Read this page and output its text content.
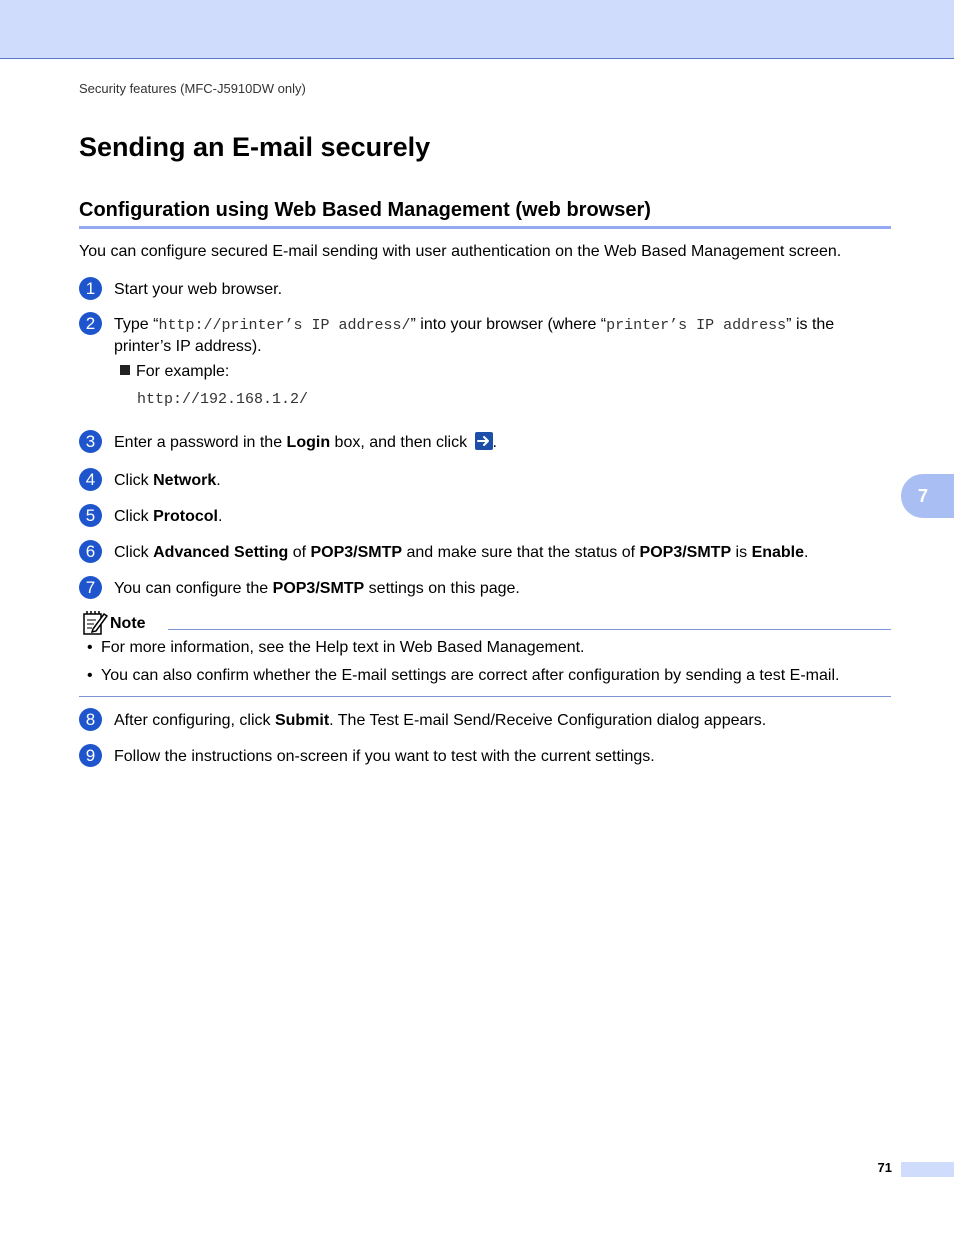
Security features (MFC-J5910DW only)
Sending an E-mail securely
Configuration using Web Based Management (web browser)
You can configure secured E-mail sending with user authentication on the Web Based Management screen.
1	Start your web browser.
2	Type “http://printer’s IP address/” into your browser (where “printer’s IP address” is the printer’s IP address).
For example:
http://192.168.1.2/
3	Enter a password in the Login box, and then click .
4	Click Network.
5	Click Protocol.
6	Click Advanced Setting of POP3/SMTP and make sure that the status of POP3/SMTP is Enable.
7	You can configure the POP3/SMTP settings on this page.
Note
• For more information, see the Help text in Web Based Management.
• You can also confirm whether the E-mail settings are correct after configuration by sending a test E-mail.
8	After configuring, click Submit. The Test E-mail Send/Receive Configuration dialog appears.
9	Follow the instructions on-screen if you want to test with the current settings.
7
71
